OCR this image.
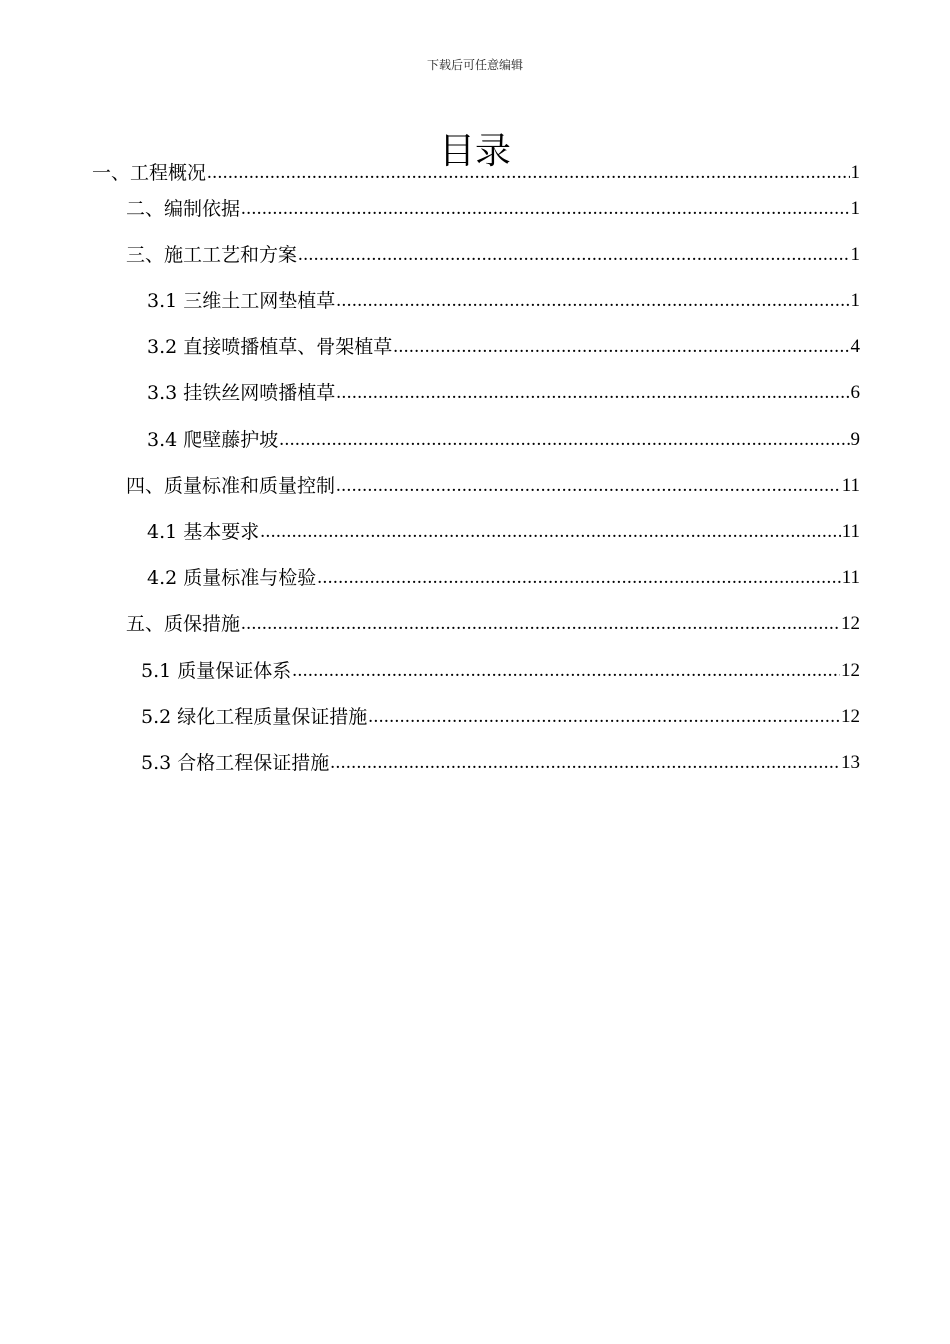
下载后可任意编辑
目录
一、工程概况 .....	1
二、编制依据 .....	1
三、施工工艺和方案 .....	1
3.1 三维土工网垫植草 .....	1
3.2 直接喷播植草、骨架植草 .....	4
3.3 挂铁丝网喷播植草 .....	6
3.4 爬壁藤护坡 .....	9
四、质量标准和质量控制 .....	11
4.1 基本要求 .....	11
4.2 质量标准与检验 .....	11
五、质保措施 .....	12
5.1 质量保证体系 .....	12
5.2 绿化工程质量保证措施 .....	12
5.3 合格工程保证措施 .....	13
